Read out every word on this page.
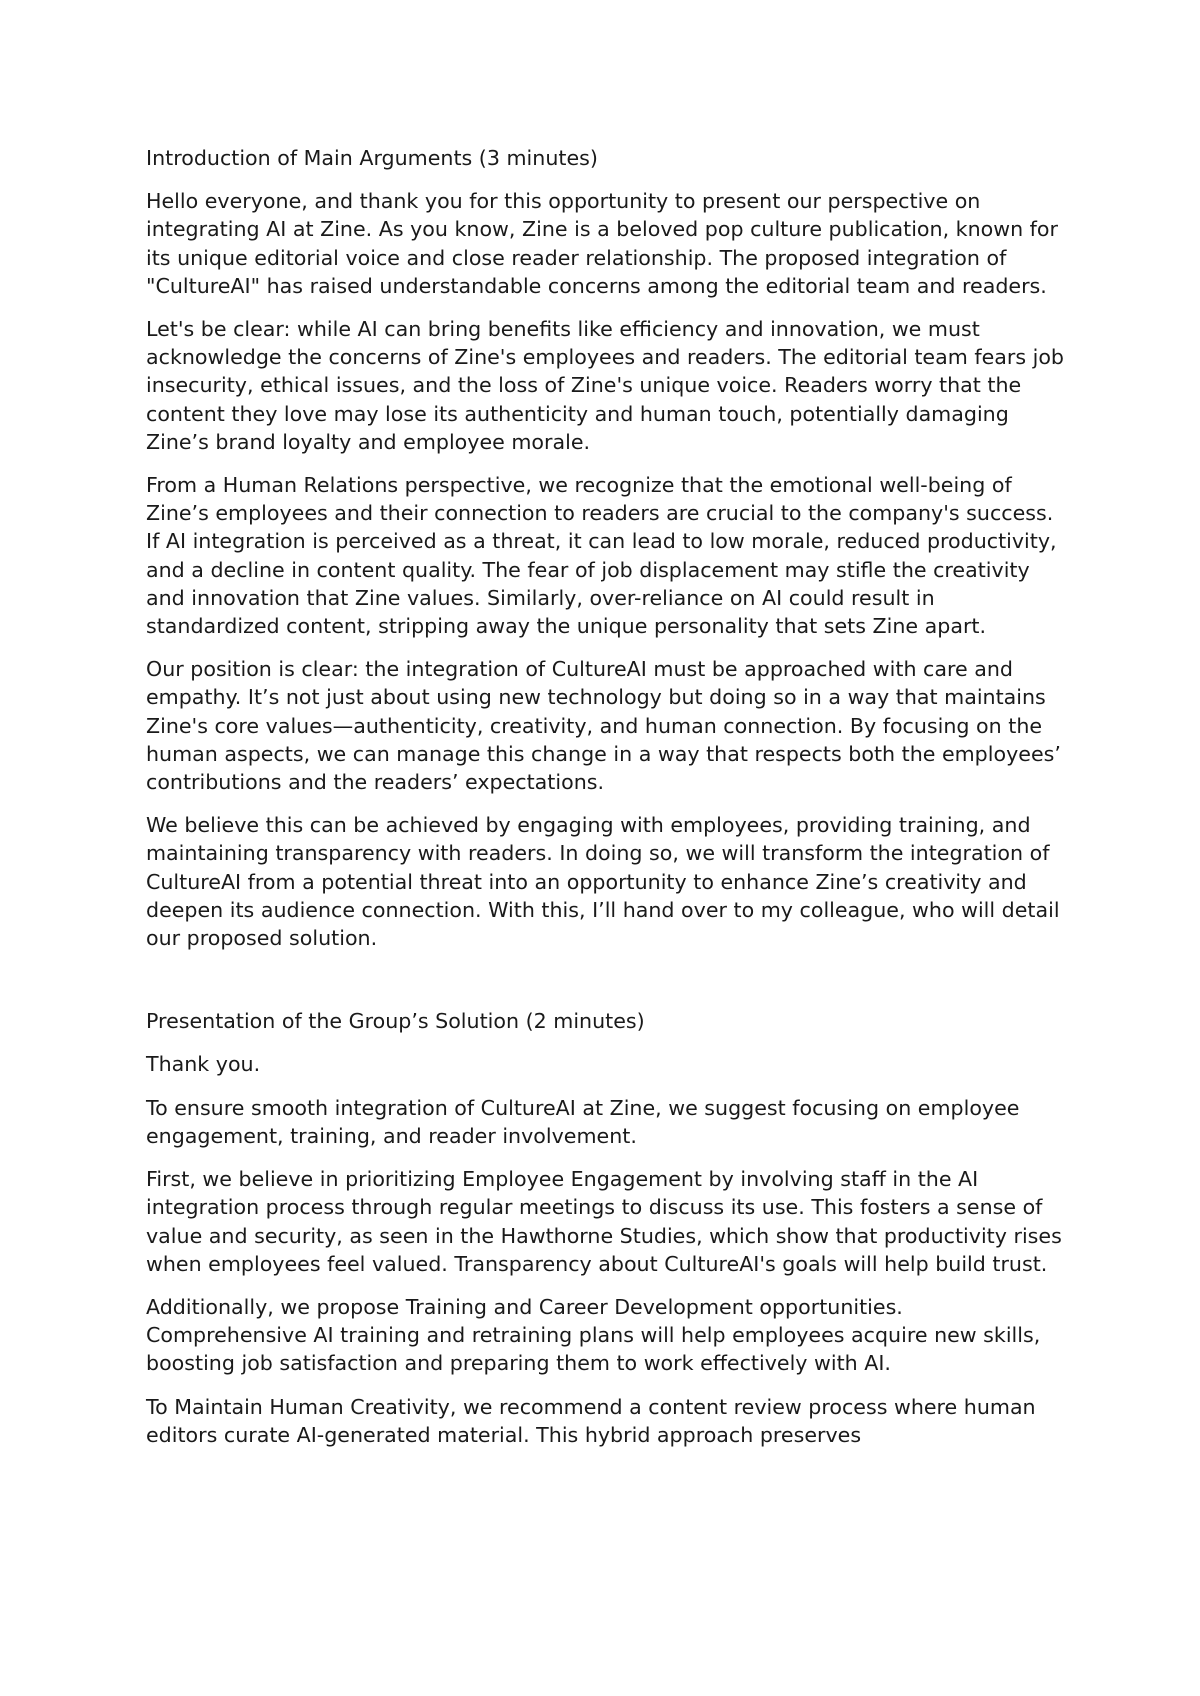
Introduction of Main Arguments (3 minutes)

Hello everyone, and thank you for this opportunity to present our perspective on integrating AI at Zine. As you know, Zine is a beloved pop culture publication, known for its unique editorial voice and close reader relationship. The proposed integration of "CultureAI" has raised understandable concerns among the editorial team and readers.

Let's be clear: while AI can bring benefits like efficiency and innovation, we must acknowledge the concerns of Zine's employees and readers. The editorial team fears job insecurity, ethical issues, and the loss of Zine's unique voice. Readers worry that the content they love may lose its authenticity and human touch, potentially damaging Zine’s brand loyalty and employee morale.

From a Human Relations perspective, we recognize that the emotional well-being of Zine’s employees and their connection to readers are crucial to the company's success. If AI integration is perceived as a threat, it can lead to low morale, reduced productivity, and a decline in content quality. The fear of job displacement may stifle the creativity and innovation that Zine values. Similarly, over-reliance on AI could result in standardized content, stripping away the unique personality that sets Zine apart.

Our position is clear: the integration of CultureAI must be approached with care and empathy. It’s not just about using new technology but doing so in a way that maintains Zine's core values—authenticity, creativity, and human connection. By focusing on the human aspects, we can manage this change in a way that respects both the employees’ contributions and the readers’ expectations.

We believe this can be achieved by engaging with employees, providing training, and maintaining transparency with readers. In doing so, we will transform the integration of CultureAI from a potential threat into an opportunity to enhance Zine’s creativity and deepen its audience connection. With this, I’ll hand over to my colleague, who will detail our proposed solution.

Presentation of the Group’s Solution (2 minutes)

Thank you.

To ensure smooth integration of CultureAI at Zine, we suggest focusing on employee engagement, training, and reader involvement.

First, we believe in prioritizing Employee Engagement by involving staff in the AI integration process through regular meetings to discuss its use. This fosters a sense of value and security, as seen in the Hawthorne Studies, which show that productivity rises when employees feel valued. Transparency about CultureAI's goals will help build trust.

Additionally, we propose Training and Career Development opportunities. Comprehensive AI training and retraining plans will help employees acquire new skills, boosting job satisfaction and preparing them to work effectively with AI.

To Maintain Human Creativity, we recommend a content review process where human editors curate AI-generated material. This hybrid approach preserves
